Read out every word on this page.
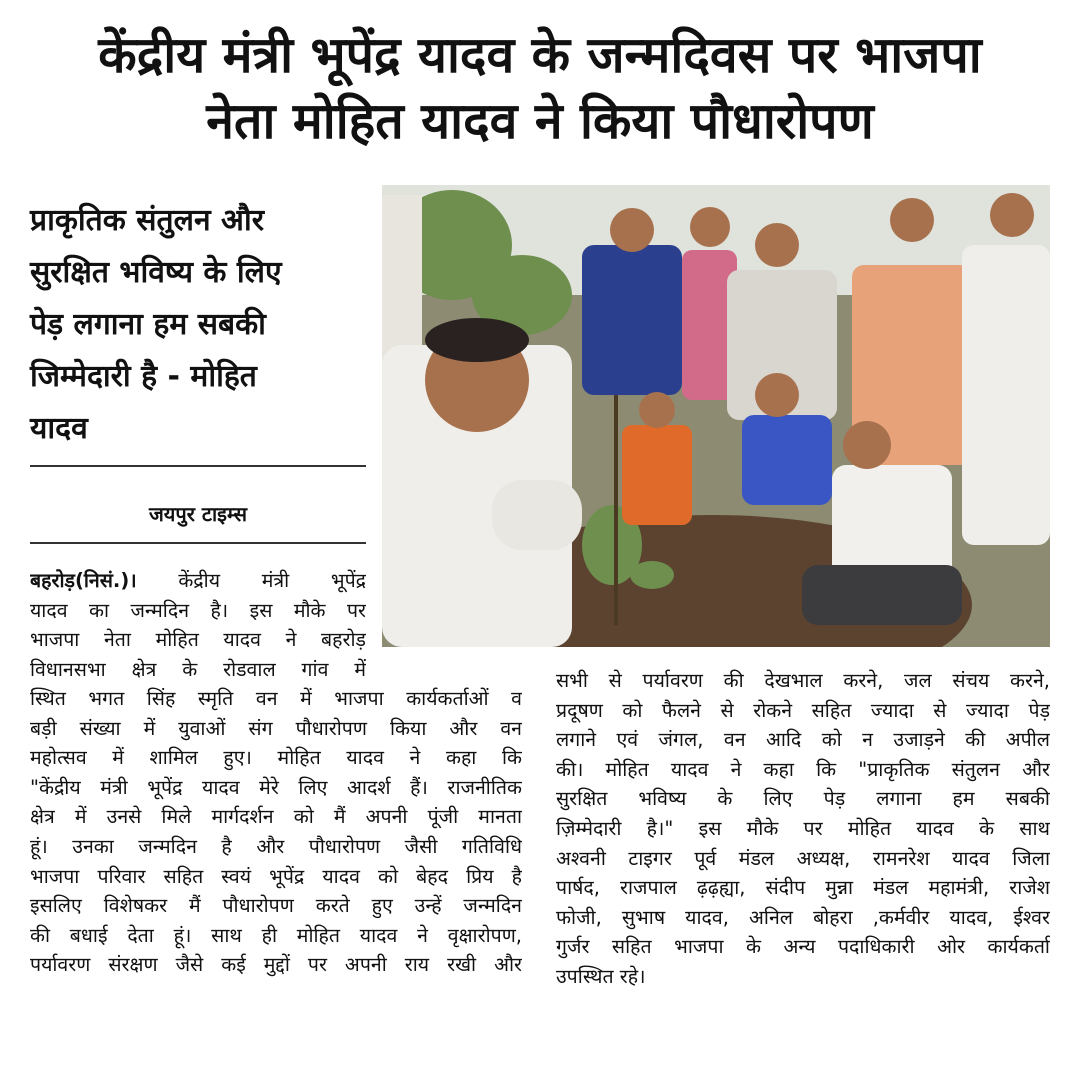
केंद्रीय मंत्री भूपेंद्र यादव के जन्मदिवस पर भाजपा
नेता मोहित यादव ने किया पौधारोपण
प्राकृतिक संतुलन और
सुरक्षित भविष्य के लिए
पेड़ लगाना हम सबकी
जिम्मेदारी है - मोहित
यादव
जयपुर टाइम्स
बहरोड़(निसं.)। केंद्रीय मंत्री भूपेंद्र
यादव का जन्मदिन है। इस मौके पर
भाजपा नेता मोहित यादव ने बहरोड़
विधानसभा क्षेत्र के रोडवाल गांव में
स्थित भगत सिंह स्मृति वन में भाजपा कार्यकर्ताओं व
बड़ी संख्या में युवाओं संग पौधारोपण किया और वन
महोत्सव में शामिल हुए। मोहित यादव ने कहा कि
"केंद्रीय मंत्री भूपेंद्र यादव मेरे लिए आदर्श हैं। राजनीतिक
क्षेत्र में उनसे मिले मार्गदर्शन को मैं अपनी पूंजी मानता
हूं। उनका जन्मदिन है और पौधारोपण जैसी गतिविधि
भाजपा परिवार सहित स्वयं भूपेंद्र यादव को बेहद प्रिय है
इसलिए विशेषकर मैं पौधारोपण करते हुए उन्हें जन्मदिन
की बधाई देता हूं। साथ ही मोहित यादव ने वृक्षारोपण,
पर्यावरण संरक्षण जैसे कई मुद्दों पर अपनी राय रखी और
सभी से पर्यावरण की देखभाल करने, जल संचय करने,
प्रदूषण को फैलने से रोकने सहित ज्यादा से ज्यादा पेड़
लगाने एवं जंगल, वन आदि को न उजाड़ने की अपील
की। मोहित यादव ने कहा कि "प्राकृतिक संतुलन और
सुरक्षित भविष्य के लिए पेड़ लगाना हम सबकी
ज़िम्मेदारी है।" इस मौके पर मोहित यादव के साथ
अश्वनी टाइगर पूर्व मंडल अध्यक्ष, रामनरेश यादव जिला
पार्षद, राजपाल ढ़ढ़ह्या, संदीप मुन्ना मंडल महामंत्री, राजेश
फोजी, सुभाष यादव, अनिल बोहरा ,कर्मवीर यादव, ईश्वर
गुर्जर सहित भाजपा के अन्य पदाधिकारी ओर कार्यकर्ता
उपस्थित रहे।
